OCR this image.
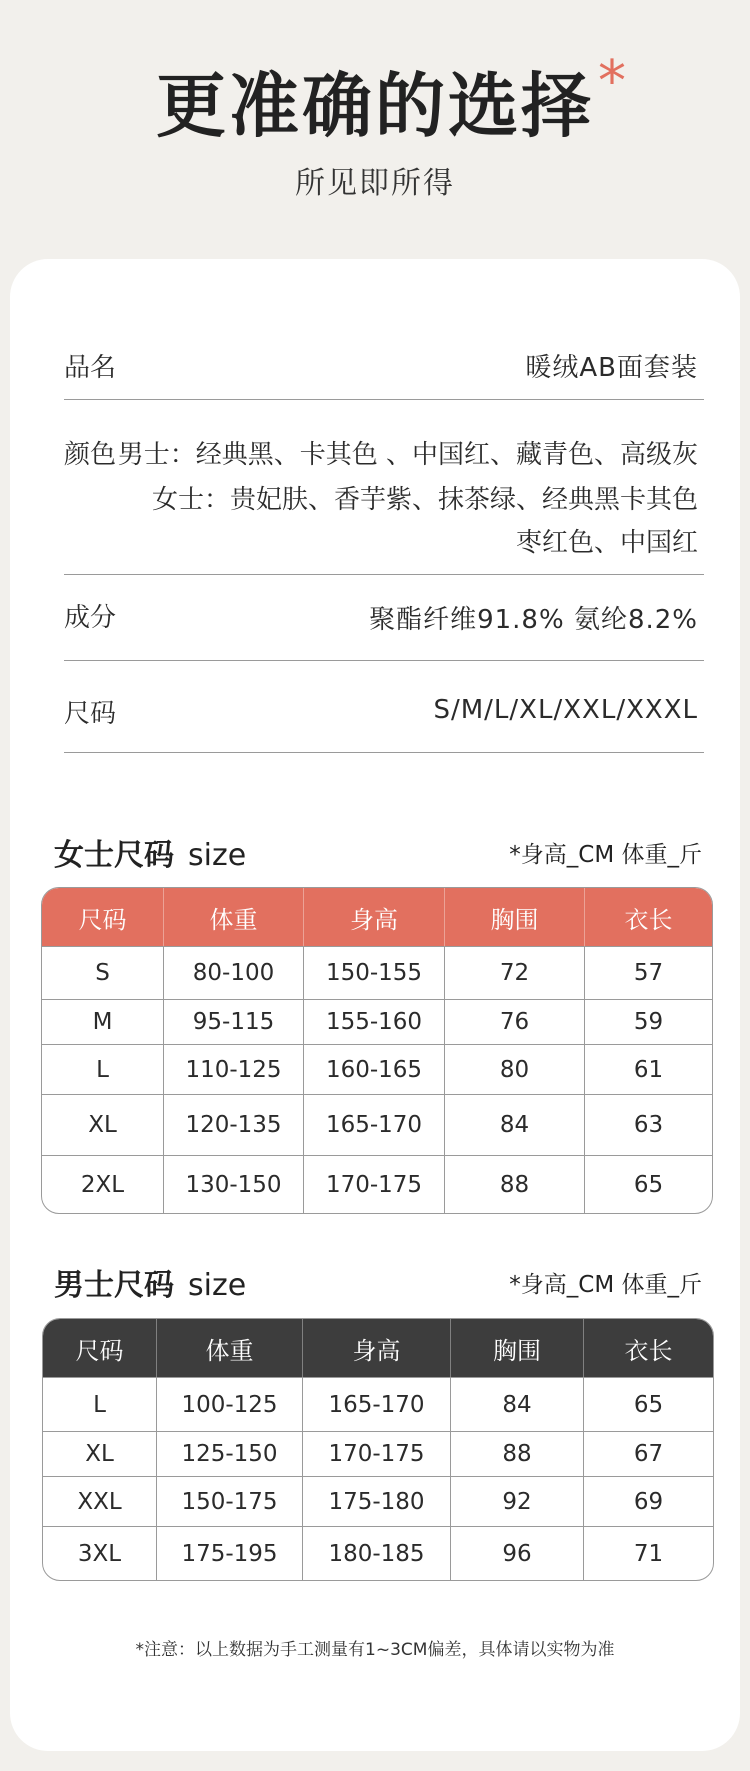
更准确的选择 *
所见即所得
品名	暖绒AB面套装
颜色 男士：经典黑、卡其色 、中国红、藏青色、高级灰
女士：贵妃肤、香芋紫、抹茶绿、经典黑卡其色
枣红色、中国红
成分	聚酯纤维91.8% 氨纶8.2%
尺码	S/M/L/XL/XXL/XXXL
女士尺码 size	*身高_CM 体重_斤
尺码	体重	身高	胸围	衣长
S	80-100	150-155	72	57
M	95-115	155-160	76	59
L	110-125	160-165	80	61
XL	120-135	165-170	84	63
2XL	130-150	170-175	88	65
男士尺码 size	*身高_CM 体重_斤
尺码	体重	身高	胸围	衣长
L	100-125	165-170	84	65
XL	125-150	170-175	88	67
XXL	150-175	175-180	92	69
3XL	175-195	180-185	96	71
*注意：以上数据为手工测量有1~3CM偏差，具体请以实物为准
